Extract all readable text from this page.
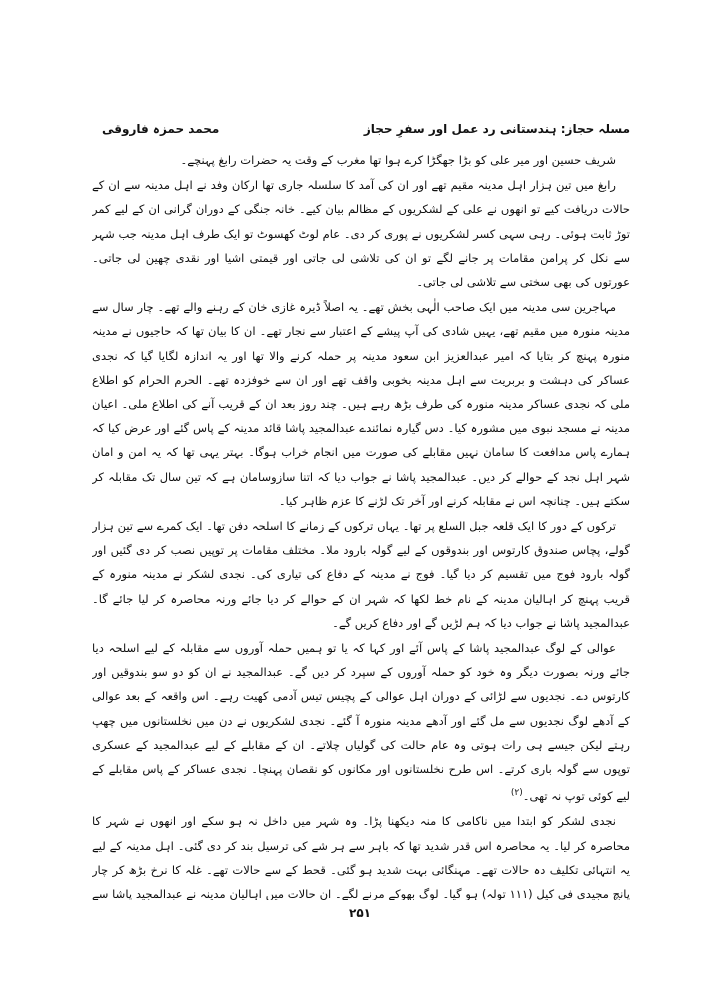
مسلہ حجاز: ہندستانی رد عمل اور سفرِ حجاز
محمد حمزہ فاروقی

شریف حسین اور میر علی کو بڑا جھگڑا کرے ہوا تھا مغرب کے وقت یہ حضرات رابغ پہنچے۔

رابغ میں تین ہزار اہل مدینہ مقیم تھے اور ان کی آمد کا سلسلہ جاری تھا ارکان وفد نے اہل مدینہ سے ان کے حالات دریافت کیے تو انھوں نے علی کے لشکریوں کے مظالم بیان کیے۔ خانہ جنگی کے دوران گرانی ان کے لیے کمر توڑ ثابت ہوئی۔ رہی سہی کسر لشکریوں نے پوری کر دی۔ عام لوٹ کھسوٹ تو ایک طرف اہل مدینہ جب شہر سے نکل کر پرامن مقامات پر جانے لگے تو ان کی تلاشی لی جاتی اور قیمتی اشیا اور نقدی چھین لی جاتی۔ عورتوں کی بھی سختی سے تلاشی لی جاتی۔

مہاجرین سی مدینہ میں ایک صاحب الٰہی بخش تھے۔ یہ اصلاً ڈیرہ غازی خان کے رہنے والے تھے۔ چار سال سے مدینہ منورہ میں مقیم تھے، یہیں شادی کی آپ پیشے کے اعتبار سے نجار تھے۔ ان کا بیان تھا کہ حاجیوں نے مدینہ منورہ پہنچ کر بتایا کہ امیر عبدالعزیز ابن سعود مدینہ پر حملہ کرنے والا تھا اور یہ اندازہ لگایا گیا کہ نجدی عساکر کی دہشت و بربریت سے اہل مدینہ بخوبی واقف تھے اور ان سے خوفزدہ تھے۔ الحرم الحرام کو اطلاع ملی کہ نجدی عساکر مدینہ منورہ کی طرف بڑھ رہے ہیں۔ چند روز بعد ان کے قریب آنے کی اطلاع ملی۔ اعیان مدینہ نے مسجد نبوی میں مشورہ کیا۔ دس گیارہ نمائندے عبدالمجید پاشا قائد مدینہ کے پاس گئے اور عرض کیا کہ ہمارے پاس مدافعت کا سامان نہیں مقابلے کی صورت میں انجام خراب ہوگا۔ بہتر یہی تھا کہ یہ امن و امان شہر اہل نجد کے حوالے کر دیں۔ عبدالمجید پاشا نے جواب دیا کہ اتنا سازوسامان ہے کہ تین سال تک مقابلہ کر سکتے ہیں۔ چنانچہ اس نے مقابلہ کرنے اور آخر تک لڑنے کا عزم ظاہر کیا۔

ترکوں کے دور کا ایک قلعہ جبل السلع پر تھا۔ یہاں ترکوں کے زمانے کا اسلحہ دفن تھا۔ ایک کمرے سے تین ہزار گولے، پچاس صندوق کارتوس اور بندوقوں کے لیے گولہ بارود ملا۔ مختلف مقامات پر توپیں نصب کر دی گئیں اور گولہ بارود فوج میں تقسیم کر دیا گیا۔ فوج نے مدینہ کے دفاع کی تیاری کی۔ نجدی لشکر نے مدینہ منورہ کے قریب پہنچ کر اہالیان مدینہ کے نام خط لکھا کہ شہر ان کے حوالے کر دیا جائے ورنہ محاصرہ کر لیا جائے گا۔ عبدالمجید پاشا نے جواب دیا کہ ہم لڑیں گے اور دفاع کریں گے۔

عوالی کے لوگ عبدالمجید پاشا کے پاس آئے اور کہا کہ یا تو ہمیں حملہ آوروں سے مقابلہ کے لیے اسلحہ دیا جائے ورنہ بصورت دیگر وہ خود کو حملہ آوروں کے سپرد کر دیں گے۔ عبدالمجید نے ان کو دو سو بندوقیں اور کارتوس دے۔ نجدیوں سے لڑائی کے دوران اہل عوالی کے پچیس تیس آدمی کھیت رہے۔ اس واقعہ کے بعد عوالی کے آدھے لوگ نجدیوں سے مل گئے اور آدھے مدینہ منورہ آ گئے۔ نجدی لشکریوں نے دن میں نخلستانوں میں چھپ رہتے لیکن جیسے ہی رات ہوتی وہ عام حالت کی گولیاں چلاتے۔ ان کے مقابلے کے لیے عبدالمجید کے عسکری توپوں سے گولہ باری کرتے۔ اس طرح نخلستانوں اور مکانوں کو نقصان پہنچا۔ نجدی عساکر کے پاس مقابلے کے لیے کوئی توپ نہ تھی۔$^{(۲)}$

نجدی لشکر کو ابتدا میں ناکامی کا منہ دیکھنا پڑا۔ وہ شہر میں داخل نہ ہو سکے اور انھوں نے شہر کا محاصرہ کر لیا۔ یہ محاصرہ اس قدر شدید تھا کہ باہر سے ہر شے کی ترسیل بند کر دی گئی۔ اہل مدینہ کے لیے یہ انتہائی تکلیف دہ حالات تھے۔ مہنگائی بہت شدید ہو گئی۔ قحط کے سے حالات تھے۔ غلہ کا نرخ بڑھ کر چار پانچ مجیدی فی کیل (۱۱۱ تولہ) ہو گیا۔ لوگ بھوکے مرنے لگے۔ ان حالات میں اہالیان مدینہ نے عبدالمجید پاشا سے

۲۵۱
